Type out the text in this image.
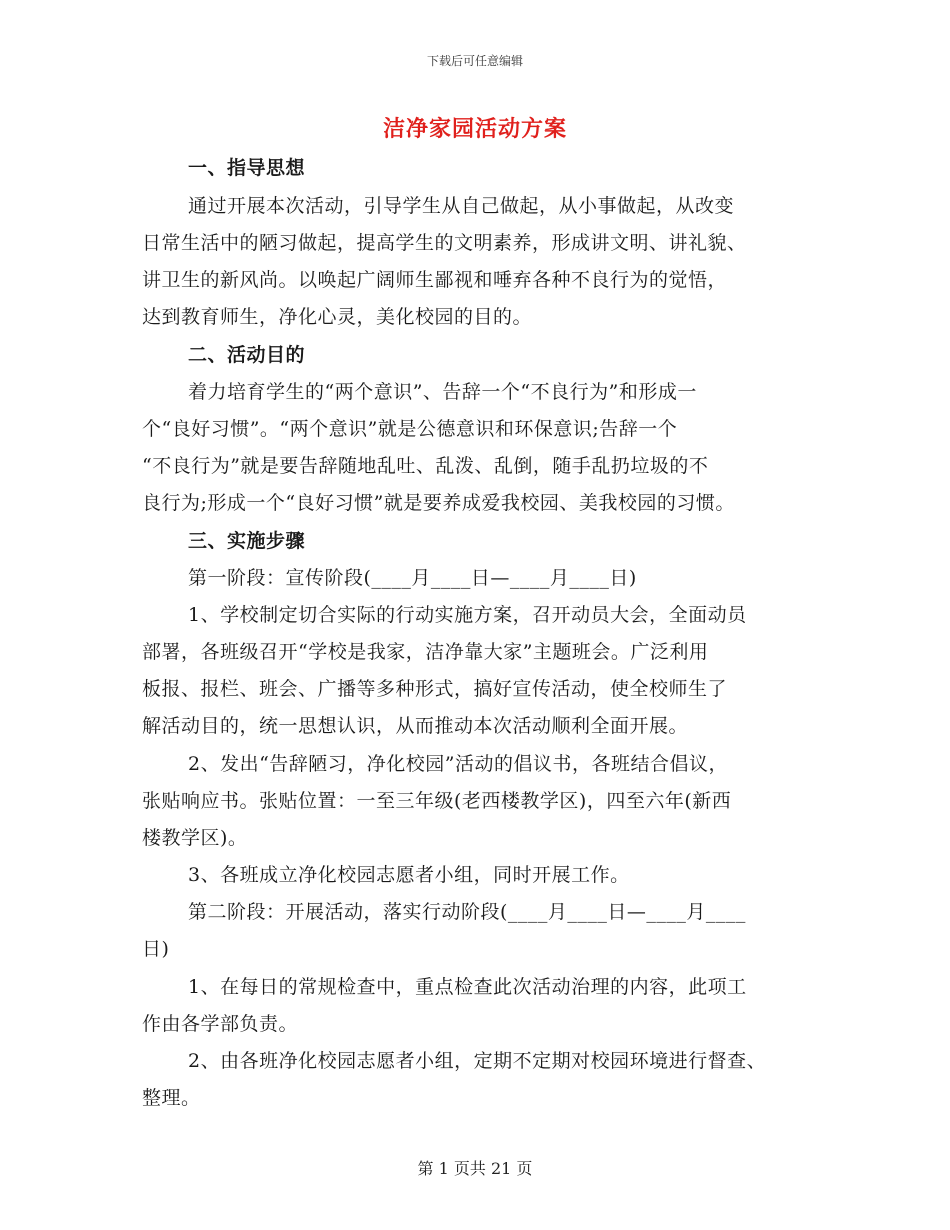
下载后可任意编辑
洁净家园活动方案
一、指导思想
通过开展本次活动，引导学生从自己做起，从小事做起，从改变
日常生活中的陋习做起，提高学生的文明素养，形成讲文明、讲礼貌、
讲卫生的新风尚。以唤起广阔师生鄙视和唾弃各种不良行为的觉悟，
达到教育师生，净化心灵，美化校园的目的。
二、活动目的
着力培育学生的“两个意识”、告辞一个“不良行为”和形成一
个“良好习惯”。“两个意识”就是公德意识和环保意识;告辞一个
“不良行为”就是要告辞随地乱吐、乱泼、乱倒，随手乱扔垃圾的不
良行为;形成一个“良好习惯”就是要养成爱我校园、美我校园的习惯。
三、实施步骤
第一阶段：宣传阶段(____月____日—____月____日)
1、学校制定切合实际的行动实施方案，召开动员大会，全面动员
部署，各班级召开“学校是我家，洁净靠大家”主题班会。广泛利用
板报、报栏、班会、广播等多种形式，搞好宣传活动，使全校师生了
解活动目的，统一思想认识，从而推动本次活动顺利全面开展。
2、发出“告辞陋习，净化校园”活动的倡议书，各班结合倡议，
张贴响应书。张贴位置：一至三年级(老西楼教学区)，四至六年(新西
楼教学区)。
3、各班成立净化校园志愿者小组，同时开展工作。
第二阶段：开展活动，落实行动阶段(____月____日—____月____
日)
1、在每日的常规检查中，重点检查此次活动治理的内容，此项工
作由各学部负责。
2、由各班净化校园志愿者小组，定期不定期对校园环境进行督查、
整理。
第 1 页共 21 页
